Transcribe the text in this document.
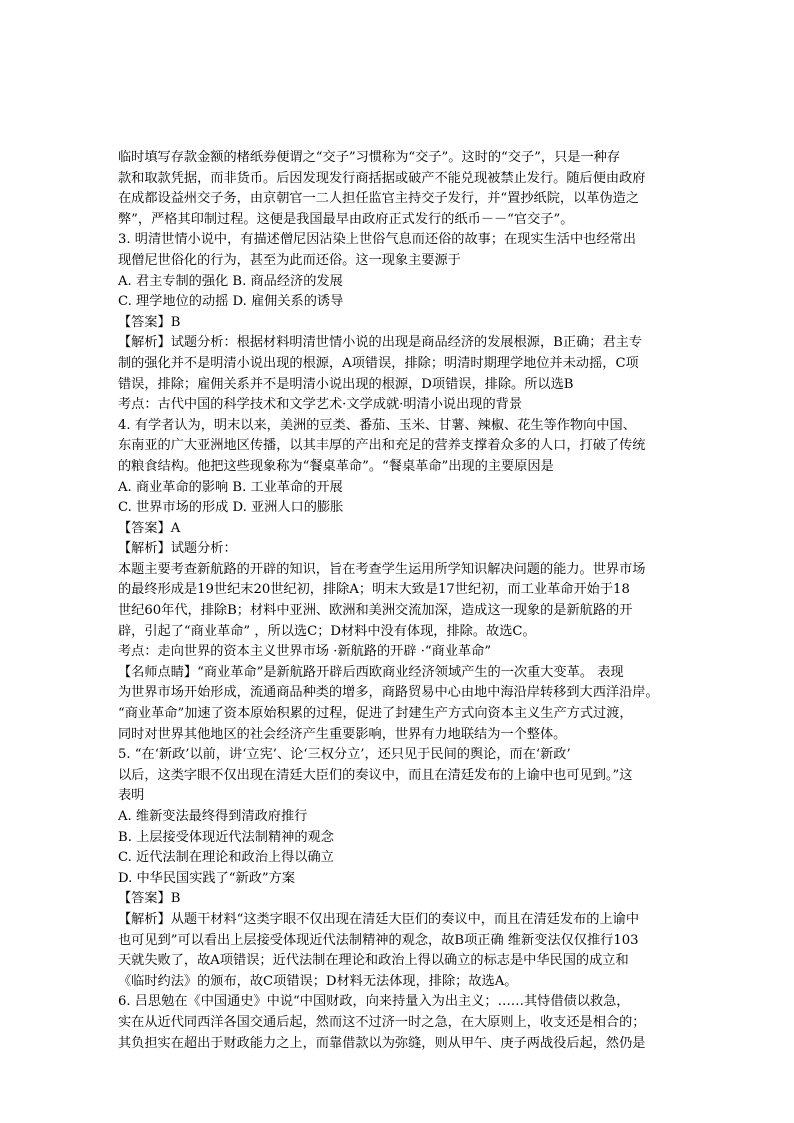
临时填写存款金额的楮纸券便谓之“交子”习惯称为“交子”。这时的“交子”，只是一种存
款和取款凭据，而非货币。后因发现发行商括据或破产不能兑现被禁止发行。随后便由政府
在成都设益州交子务，由京朝官一二人担任监官主持交子发行，并“置抄纸院，以革伪造之
弊”，严格其印制过程。这便是我国最早由政府正式发行的纸币－－“官交子”。
3. 明清世情小说中，有描述僧尼因沾染上世俗气息而还俗的故事；在现实生活中也经常出
现僧尼世俗化的行为，甚至为此而还俗。这一现象主要源于
A. 君主专制的强化 B. 商品经济的发展
C. 理学地位的动摇 D. 雇佣关系的诱导
【答案】B
【解析】试题分析：根据材料明清世情小说的出现是商品经济的发展根源，B正确；君主专
制的强化并不是明清小说出现的根源，A项错误，排除；明清时期理学地位并未动摇，C项
错误，排除；雇佣关系并不是明清小说出现的根源，D项错误，排除。所以选B
考点：古代中国的科学技术和文学艺术·文学成就·明清小说出现的背景
4. 有学者认为，明末以来，美洲的豆类、番茄、玉米、甘薯、辣椒、花生等作物向中国、
东南亚的广大亚洲地区传播，以其丰厚的产出和充足的营养支撑着众多的人口，打破了传统
的粮食结构。他把这些现象称为“餐桌革命”。“餐桌革命”出现的主要原因是
A. 商业革命的影响 B. 工业革命的开展
C. 世界市场的形成 D. 亚洲人口的膨胀
【答案】A
【解析】试题分析：
本题主要考查新航路的开辟的知识，旨在考查学生运用所学知识解决问题的能力。世界市场
的最终形成是19世纪末20世纪初，排除A；明末大致是17世纪初，而工业革命开始于18
世纪60年代，排除B；材料中亚洲、欧洲和美洲交流加深，造成这一现象的是新航路的开
辟，引起了“商业革命” ，所以选C；D材料中没有体现，排除。故选C。
考点：走向世界的资本主义世界市场 ·新航路的开辟 ·“商业革命”
【名师点睛】“商业革命”是新航路开辟后西欧商业经济领域产生的一次重大变革。 表现
为世界市场开始形成，流通商品种类的增多，商路贸易中心由地中海沿岸转移到大西洋沿岸。
“商业革命”加速了资本原始积累的过程，促进了封建生产方式向资本主义生产方式过渡，
同时对世界其他地区的社会经济产生重要影响，世界有力地联结为一个整体。
5. “在‘新政’以前，讲‘立宪’、论‘三权分立’，还只见于民间的舆论，而在‘新政’
以后，这类字眼不仅出现在清廷大臣们的奏议中，而且在清廷发布的上谕中也可见到。”这
表明
A. 维新变法最终得到清政府推行
B. 上层接受体现近代法制精神的观念
C. 近代法制在理论和政治上得以确立
D. 中华民国实践了“新政”方案
【答案】B
【解析】从题干材料“这类字眼不仅出现在清廷大臣们的奏议中，而且在清廷发布的上谕中
也可见到”可以看出上层接受体现近代法制精神的观念，故B项正确 维新变法仅仅推行103
天就失败了，故A项错误；近代法制在理论和政治上得以确立的标志是中华民国的成立和
《临时约法》的颁布，故C项错误；D材料无法体现，排除；故选A。
6. 吕思勉在《中国通史》中说“中国财政，向来持量入为出主义；……其恃借债以救急，
实在从近代同西洋各国交通后起，然而这不过济一时之急，在大原则上，收支还是相合的；
其负担实在超出于财政能力之上，而靠借款以为弥缝，则从甲午、庚子两战役后起，然仍是
